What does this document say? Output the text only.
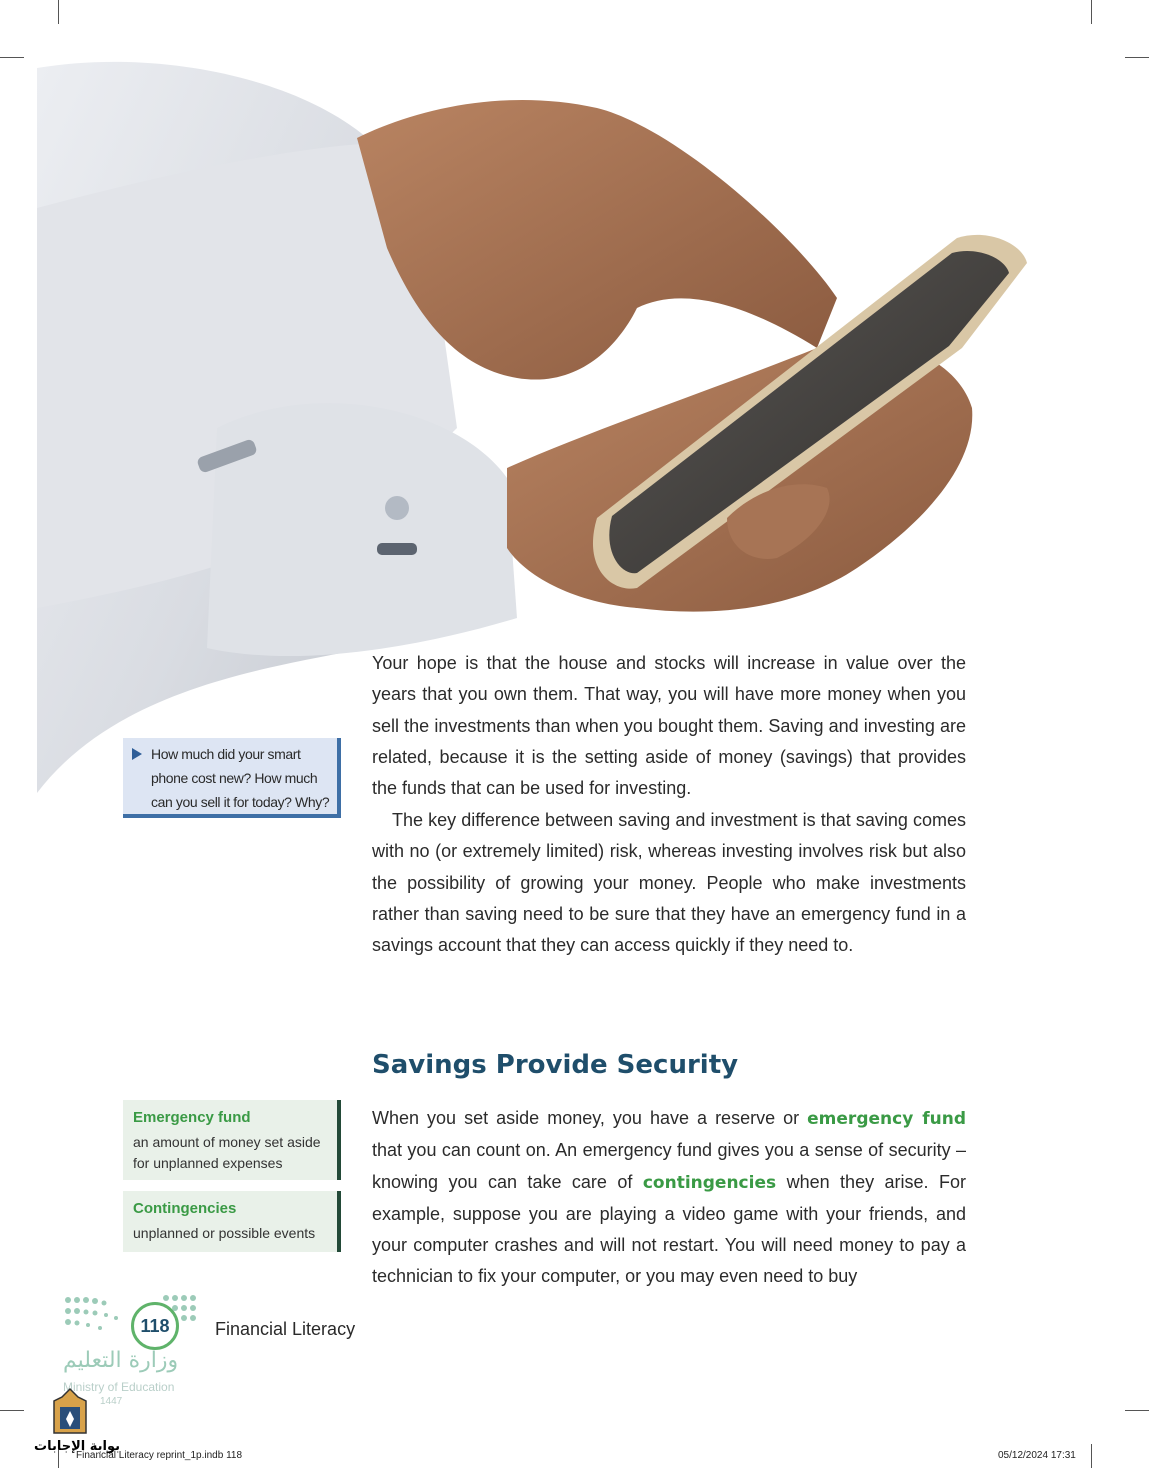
Your hope is that the house and stocks will increase in value over the years that you own them. That way, you will have more money when you sell the investments than when you bought them. Saving and investing are related, because it is the setting aside of money (savings) that provides the funds that can be used for investing.

The key difference between saving and investment is that saving comes with no (or extremely limited) risk, whereas investing involves risk but also the possibility of growing your money. People who make investments rather than saving need to be sure that they have an emergency fund in a savings account that they can access quickly if they need to.

How much did your smart phone cost new? How much can you sell it for today? Why?
Savings Provide Security

When you set aside money, you have a reserve or emergency fund that you can count on. An emergency fund gives you a sense of security – knowing you can take care of contingencies when they arise. For example, suppose you are playing a video game with your friends, and your computer crashes and will not restart. You will need money to pay a technician to fix your computer, or you may even need to buy

Emergency fund
an amount of money set aside for unplanned expenses
Contingencies
unplanned or possible events
118	Financial Literacy
وزارة التعليم
Ministry of Education
1447
بوابة الإجابات
Financial Literacy reprint_1p.indb 118	05/12/2024 17:31
